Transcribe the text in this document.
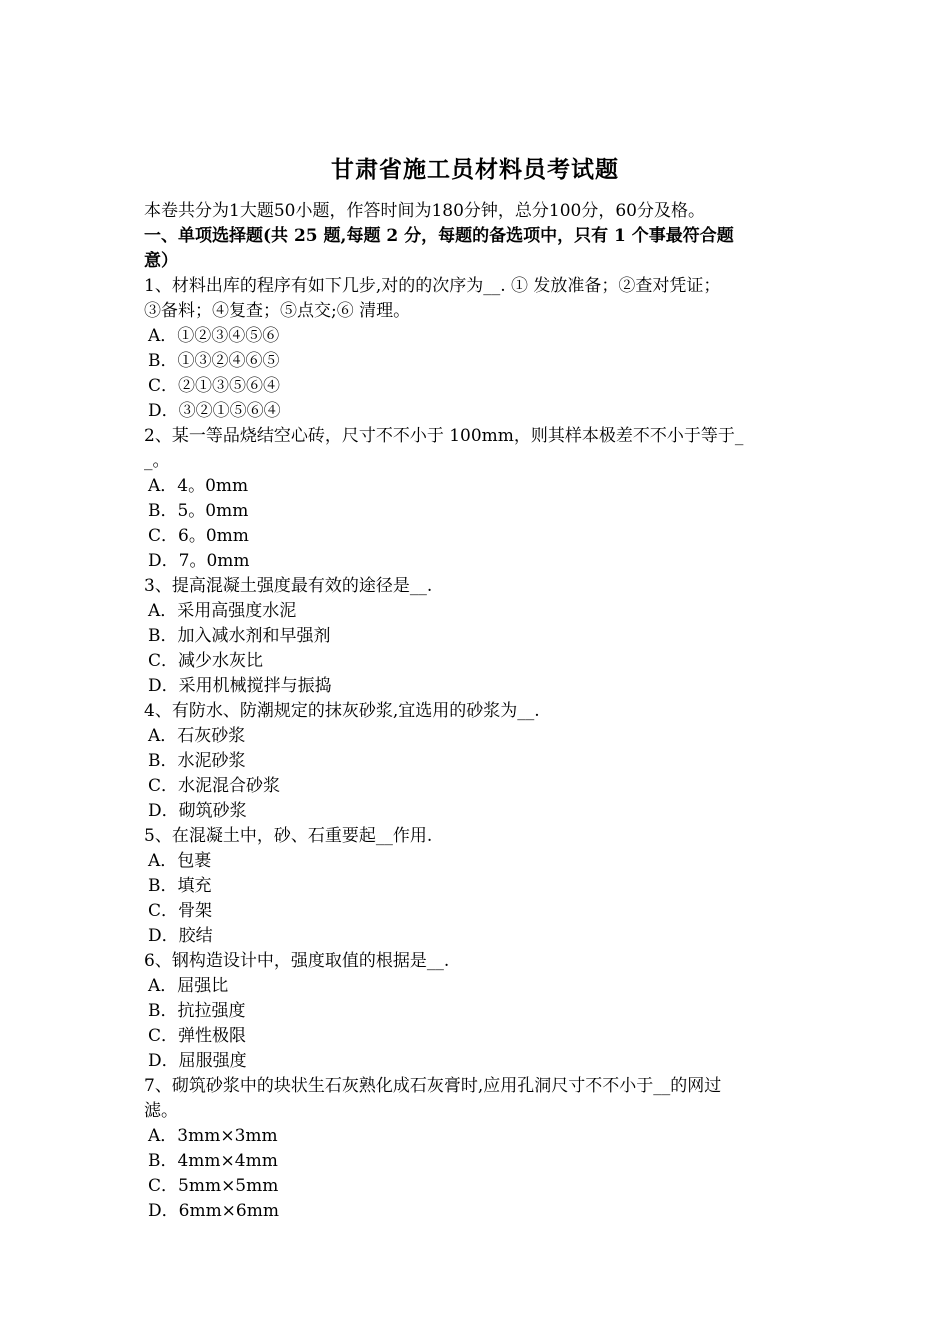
甘肃省施工员材料员考试题
本卷共分为1大题50小题，作答时间为180分钟，总分100分，60分及格。
一、单项选择题(共 25 题,每题 2 分，每题的备选项中，只有 1 个事最符合题
意）
1、材料出库的程序有如下几步,对的的次序为__. ① 发放准备；②查对凭证；
③备料；④复查；⑤点交;⑥ 清理。
A．①②③④⑤⑥
B．①③②④⑥⑤
C．②①③⑤⑥④
D．③②①⑤⑥④
2、某一等品烧结空心砖，尺寸不不小于 100mm，则其样本极差不不小于等于_
_。
A．4。0mm
B．5。0mm
C．6。0mm
D．7。0mm
3、提高混凝土强度最有效的途径是__.
A．采用高强度水泥
B．加入减水剂和早强剂
C．减少水灰比
D．采用机械搅拌与振捣
4、有防水、防潮规定的抹灰砂浆,宜选用的砂浆为__.
A．石灰砂浆
B．水泥砂浆
C．水泥混合砂浆
D．砌筑砂浆
5、在混凝土中，砂、石重要起__作用.
A．包裹
B．填充
C．骨架
D．胶结
6、钢构造设计中，强度取值的根据是__.
A．屈强比
B．抗拉强度
C．弹性极限
D．屈服强度
7、砌筑砂浆中的块状生石灰熟化成石灰膏时,应用孔洞尺寸不不小于__的网过
滤。
A．3mm×3mm
B．4mm×4mm
C．5mm×5mm
D．6mm×6mm
